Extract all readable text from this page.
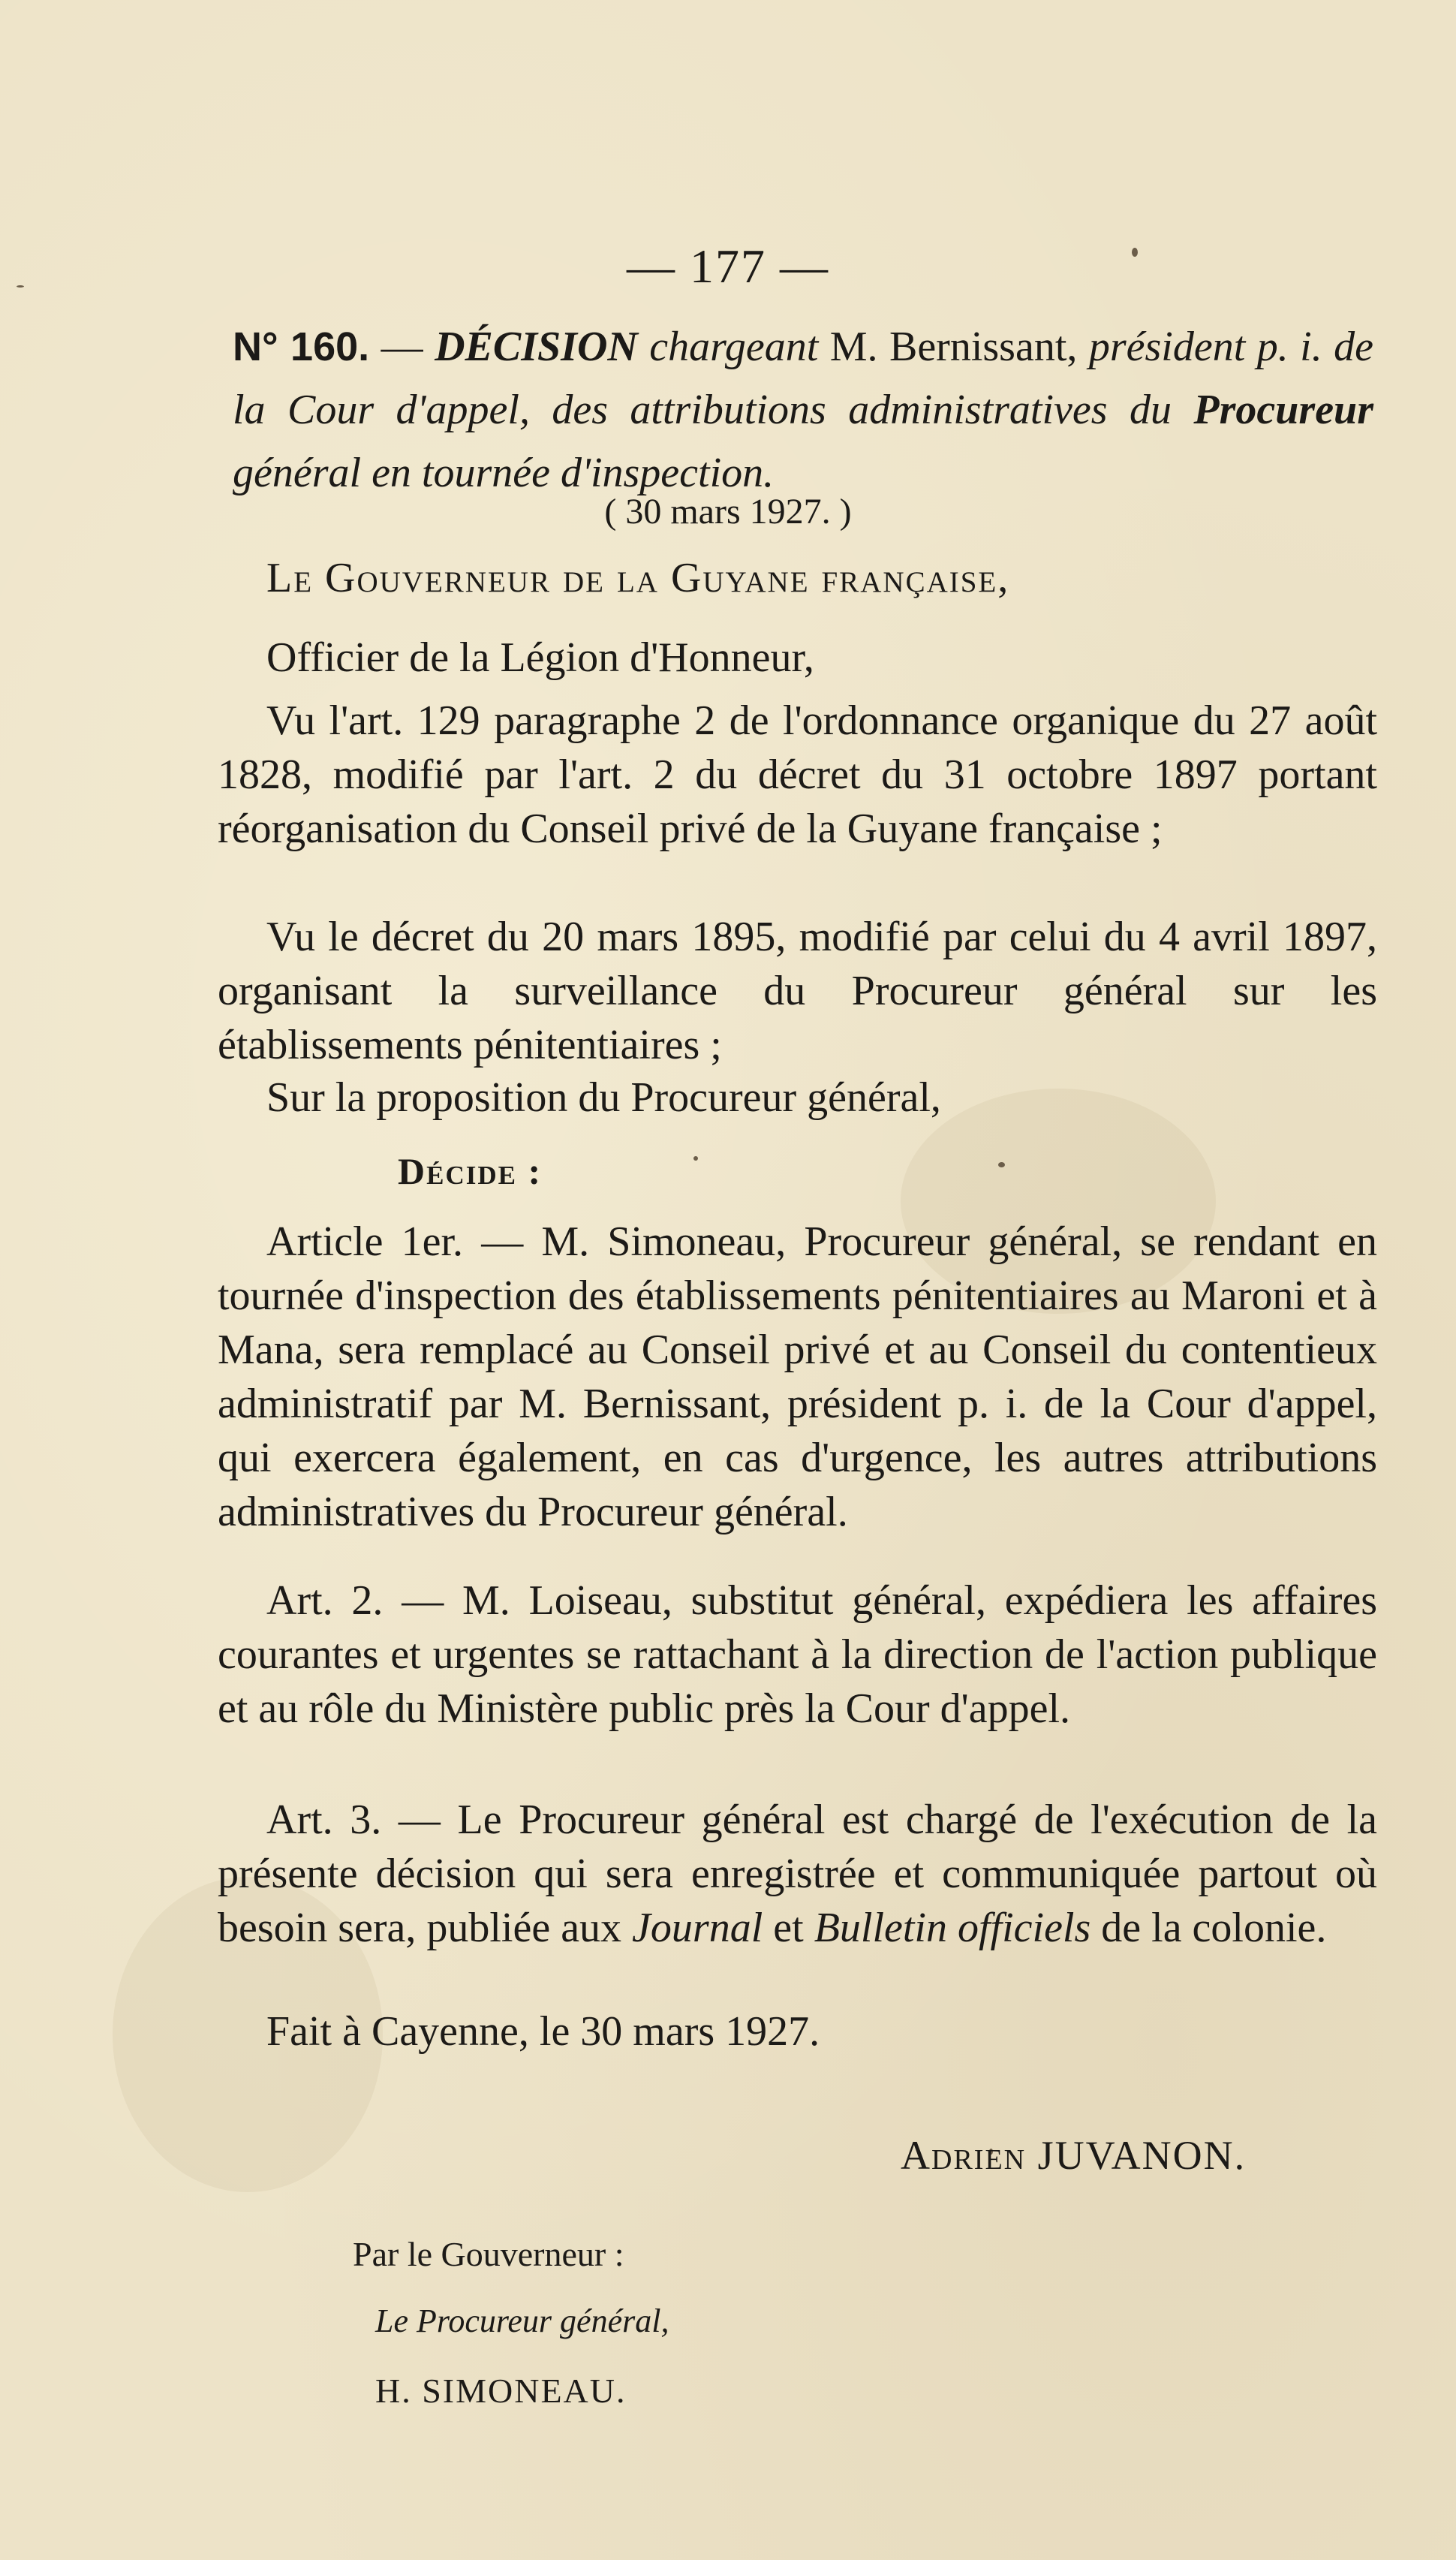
— 177 —
N° 160. — DÉCISION chargeant M. Bernissant, président p. i. de la Cour d'appel, des attributions administratives du Procureur général en tournée d'inspection.
( 30 mars 1927. )
Le Gouverneur de la Guyane française,
Officier de la Légion d'Honneur,
Vu l'art. 129 paragraphe 2 de l'ordonnance organique du 27 août 1828, modifié par l'art. 2 du décret du 31 octobre 1897 portant réorganisation du Conseil privé de la Guyane française ;
Vu le décret du 20 mars 1895, modifié par celui du 4 avril 1897, organisant la surveillance du Procureur général sur les établissements pénitentiaires ;
Sur la proposition du Procureur général,
Décide :
Article 1er. — M. Simoneau, Procureur général, se rendant en tournée d'inspection des établissements pénitentiaires au Maroni et à Mana, sera remplacé au Conseil privé et au Conseil du contentieux administratif par M. Bernissant, président p. i. de la Cour d'appel, qui exercera également, en cas d'urgence, les autres attributions administratives du Procureur général.
Art. 2. — M. Loiseau, substitut général, expédiera les affaires courantes et urgentes se rattachant à la direction de l'action publique et au rôle du Ministère public près la Cour d'appel.
Art. 3. — Le Procureur général est chargé de l'exécution de la présente décision qui sera enregistrée et communiquée partout où besoin sera, publiée aux Journal et Bulletin officiels de la colonie.
Fait à Cayenne, le 30 mars 1927.
Adrien JUVANON.
Par le Gouverneur :
Le Procureur général,
H. SIMONEAU.
